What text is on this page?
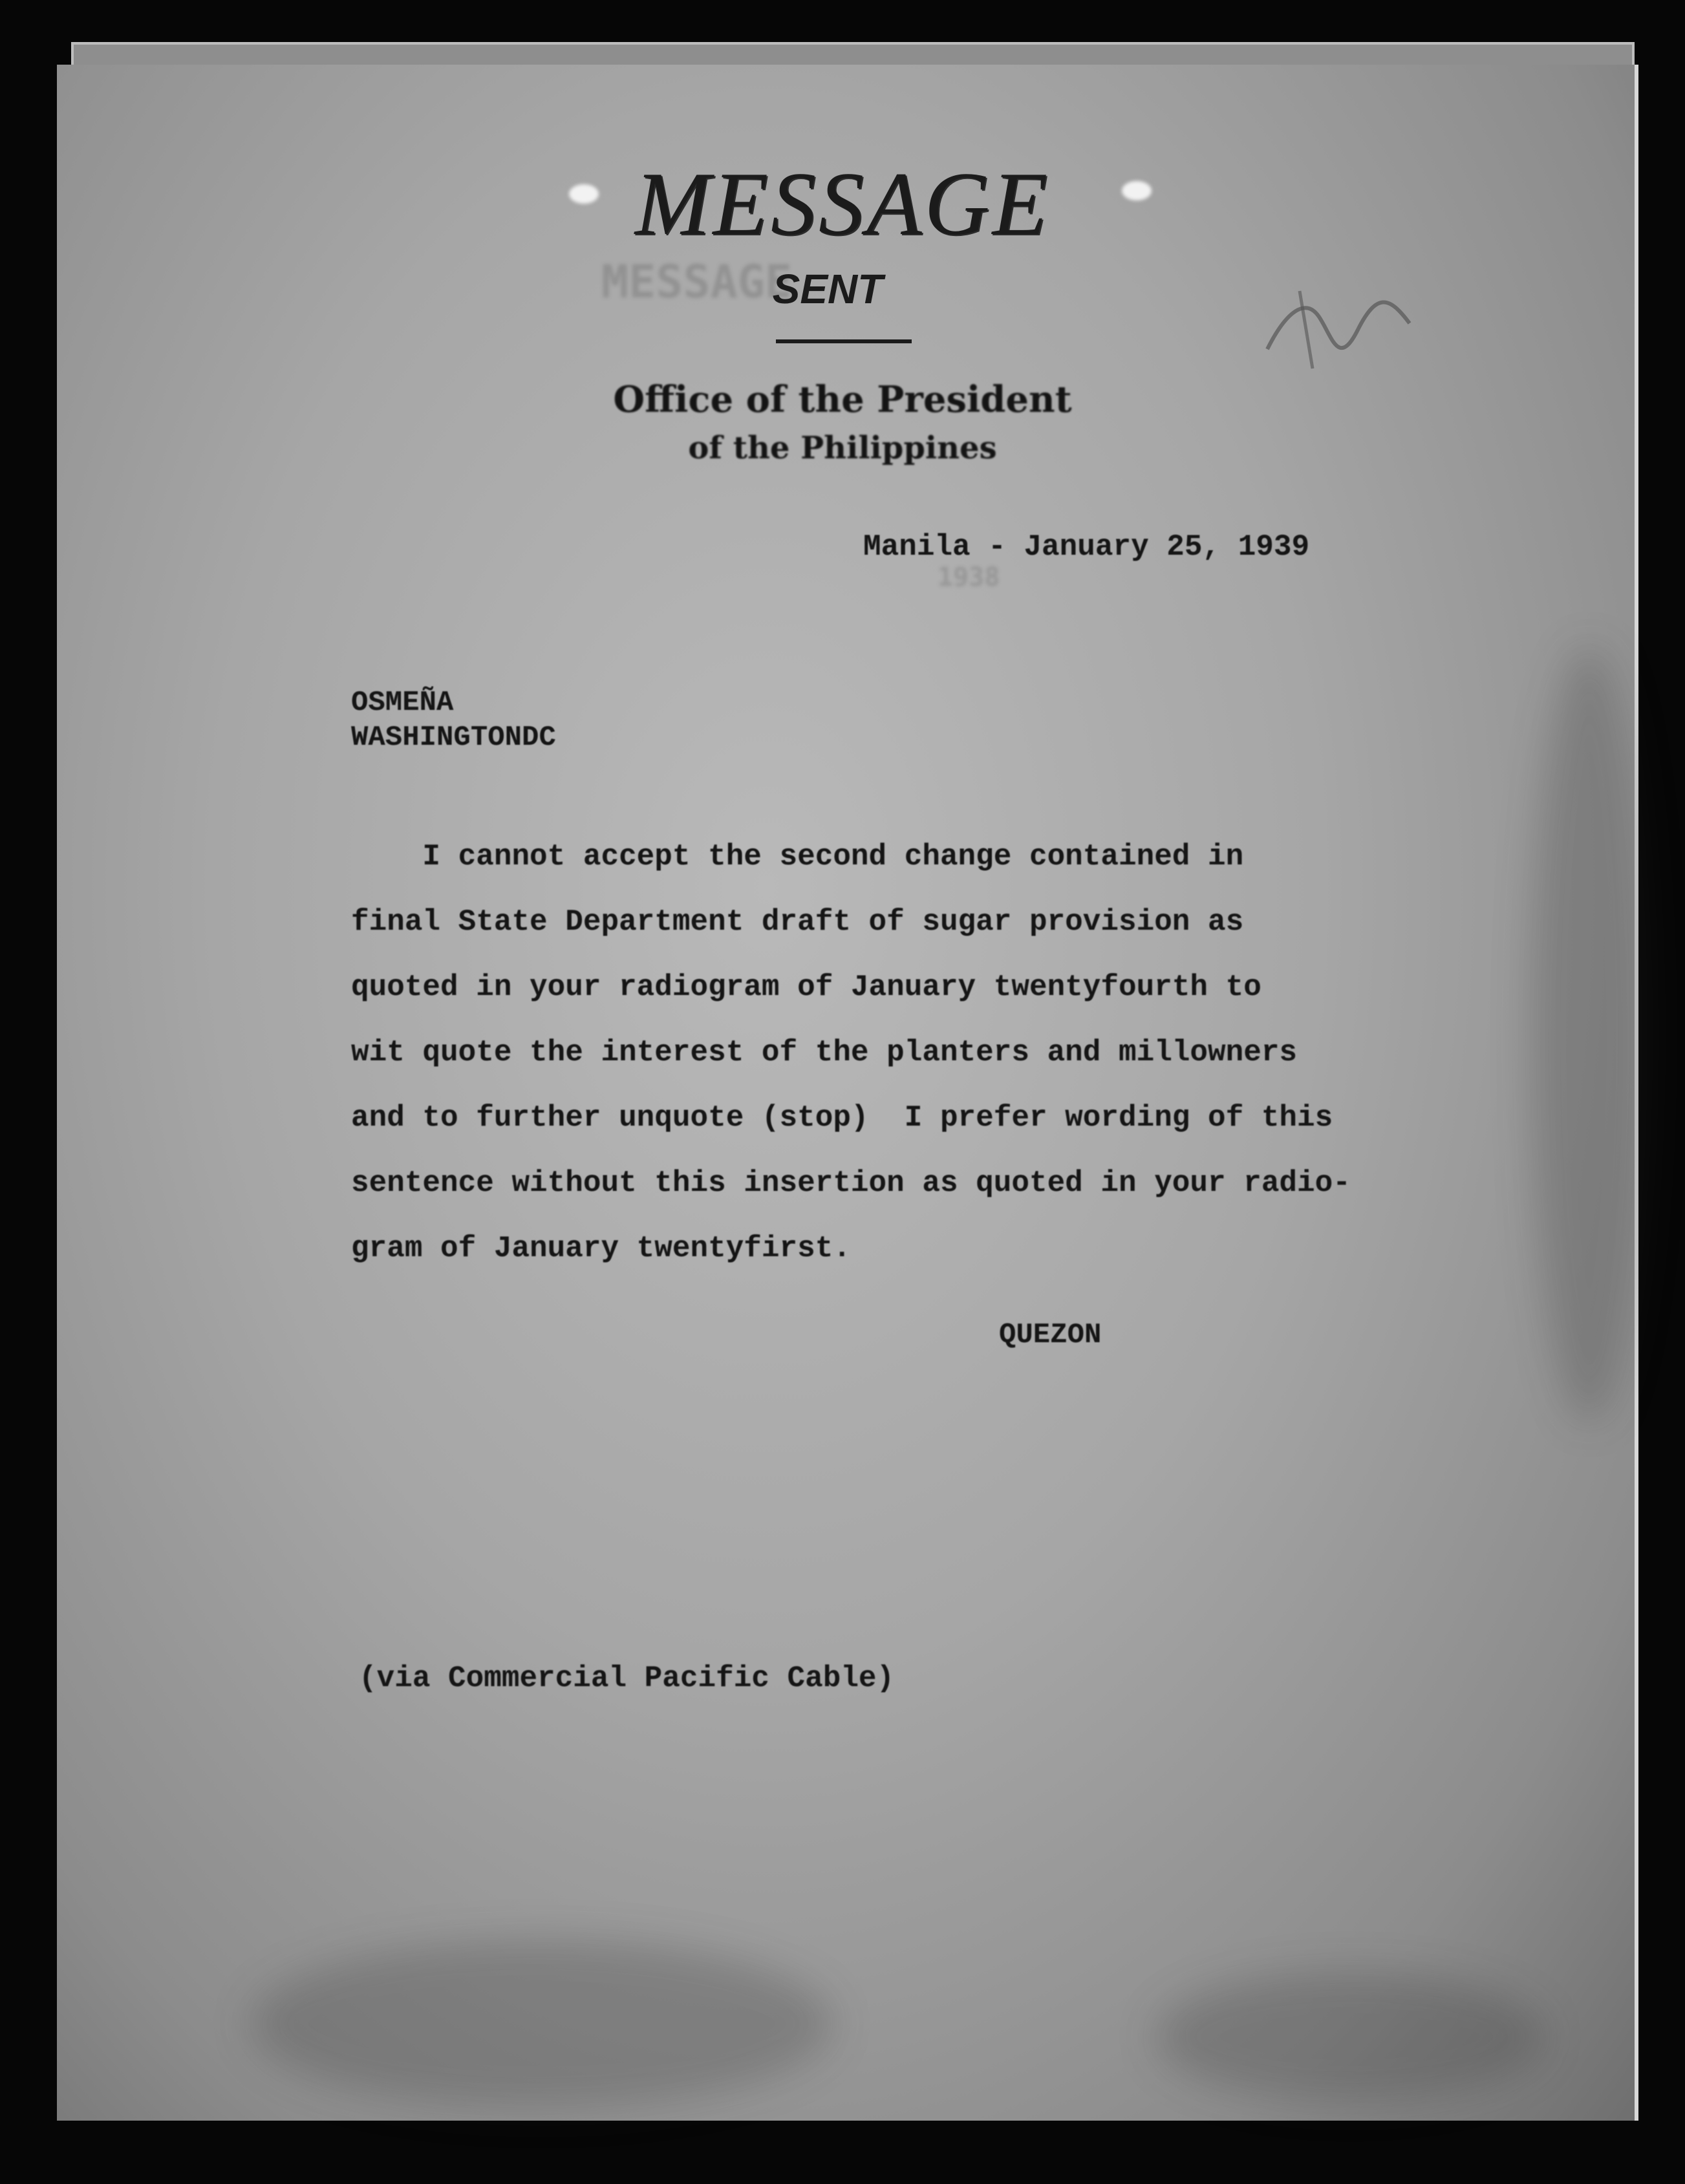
MESSAGE
1938
MESSAGE
SENT
Office of the President
of the Philippines
Manila - January 25, 1939
OSMEÑA
WASHINGTONDC
I cannot accept the second change contained in
final State Department draft of sugar provision as
quoted in your radiogram of January twentyfourth to
wit quote the interest of the planters and millowners
and to further unquote (stop)  I prefer wording of this
sentence without this insertion as quoted in your radio-
gram of January twentyfirst.
QUEZON
(via Commercial Pacific Cable)
